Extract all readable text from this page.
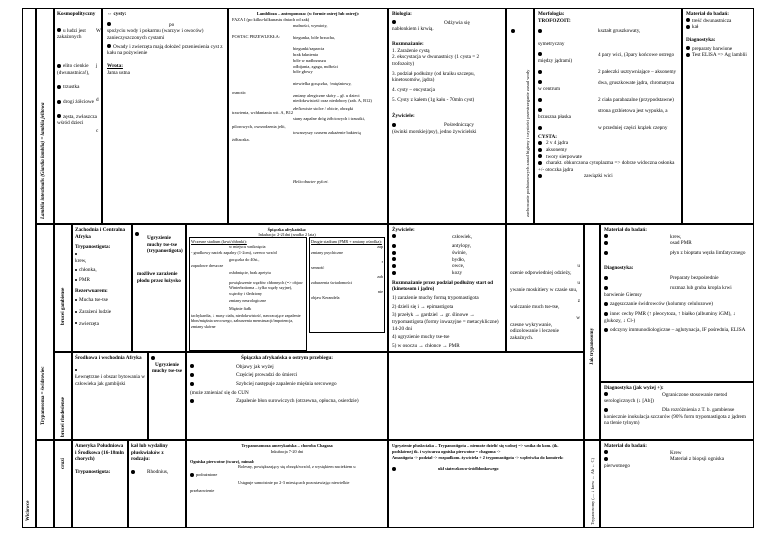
Wiciowce
Lamblia intestinalis (Giardia lamblia) = lamblia jelitowa

Kosmopolityczny

u ludzi jest zakażonych

elito cienkie (dwunastnica!),

trzustka

drogi żółciowe

zęsta, zwłaszcza wśród dzieci

W

j

d

c

⇔ cysty:

po

spożyciu wody i pokarmu (warzyw i owoców) zanieczyszczonych cystami

Owady i zwierzęta mają dołożeć przeniesienia cyst z kału na pożywienie

Wrota:

Jama ustna

Lamblioza – antroponoza: (w formie ostrej lub ostrej):

FAZA I (po kilku-kilkunastu dniach od zak)

nudności, wymioty,

biegunka, bóle brzucha,

biegunki/zaparcia

brak łaknienia

bóle w nadbrzuszu

odbijania, zgaga, mdłości

bóle głowy

niewielka gorączka, ↑mięśniowy,

zmiany alergiczne skóry – gł. u dzieci niedokrwistość oraz niedobory (zab. A, B12)

złe/krwiste stolce / obicie, obrzęki

stany zapalne dróg żółciowych i trzustki,

towarzyszy czasem zakażenie bakterią

POSTAC PRZEWLEKŁA:

osmotic

trawienia, wchłaniania wit. A, B12

pilorowych, owrzodzenia jelit,

żółtaczka.

Helicobacter pylori.

Biologia:

Odżywia się

nabłonkiem i krwią.

Rozmnażanie:

1. Zarażenie cystą

2. ekscystacja w dwunastnicy (1 cysta = 2 trofozoity)

3. podział podłużny (od kraiku szczepu, kinetosomów, jądra)

4. cysty – encystacja

5. Cysty z kałem (1g kału - 70mln cyst)

Żywiciele:

Pośredniczący

(świnki morskiej/psy), jedno żywicielski	zachowanie podstawowych zasad higieny i czystości przestrzeganie zasad wody

Morfologia:

TROFOZOIT:

kształt gruszkowaty,

symetryczny

4 pary wici, (3pary końcowe ostrego między jądrami)

2 pałeczki usztywniające – aksonemy

dwa, gruszkowate jądra, chromatyna w centrum

2 ciała parabazalne (przypodstawne)

strona grzbietowa jest wypukła, a brzuszna płaska

w przedniej części krążek czepny

CYSTA:

2 v 4 jądra

aksonemy

twory sierpowate

charakt. obkurczona cytoplazma => dobrze widoczna osłonka +/- otoczka jądra

zawiązki wici

Materiał do badań:

treść dwunastnicza

kał

Diagnostyka:

preparaty barwione

Test ELISA => Ag lamblii

Trypanosoma = świdrowiec
brucei gambiense

Zachodnia i Centralna Afryka

Trypanostigota:

krew,

chłonka,

PMR

Rezerwuarem:

Mucha tse-tse

Zarażeni ludzie

zwierzęta

Ugryzienie muchy tse-tse (trypanostigota)

możliwe zarażenie płodu przez łożysko

Śpiączka afrykańska:

Inkubacja: 2-21dni (rzadko 2 lata)

Wczesne stadium (krwi/chłonki):

w miejscu wniknięcia

- grudkowy naciek zapalny (1-2cm), czerwo wrzód

gorączka do 40st.,

zapadowe dreszcze

osłabnięcie, brak apetytu

powiększenie węzłów chłonnych (=> objaw Winterbottoma – tylko węzły szyjne), wątroby i śledziony

zmiany neurologiczne

Mięśnie fiałk

tachykardia, ↓ masy ciała, niedokrwistość, nawracające zapalenie błon/mięśnia sercowego, zaburzenia menstruacji/impotencja, zmiany skórne

Drugie stadium (PMR + zmiany ośrodka):

zap

zmiany psychiczne

r

senność

zab

zaburzenia świadomości

nie

objaw Kerandela

Żywiciele:

człowiek,

antylopy,

świnie,

bydło,

owce,

kozy

Rozmnażanie przez podział podłużny start od (kinetosom i jądro)

1) zarażenie muchy formą trypomastigota

2) dzieli się i → epimastigota

3) przełyk → gardziel → gr. ślinowe → trypomastigota (formy inwazyjne = metacykliczne) 14-20 dni

4) ugryzienie muchy tse-tse

5) w osoczu → chłonce → PMR

u

ozenie odpowiedniej odzieży,

u

ywanie moskitiery w czasie snu,

z

walczanie much tse-tse,

w

czesne wykrywanie, odizolowanie i leczenie zakaźnych.	Jak trypanosomy

Materiał do badań:

krew,

osad PMR

płyn z bioptatu węzła limfatycznego

Diagnostyka:

Preparaty bezpośrednie

rozmaz lub gruba kropla krwi barwienie Giemsy

zagęszczanie świdrowców (kolumny celulozowe)

inne: cechy PMR (↑ pleocytoza, ↑ białko (albuminy iGM), ↓ glukozy, ↓ Cl-)

odczyny immunodiologiczne – aglutynacja, IF pośrednia, ELISA

brucei rhodesiense

Środkowa i wschodnia Afryka

Łewnętrzne i obszar bytowania w człowieka jak gambijski

Ugryzienie muchy tse-tse

Śpiączka afrykańska o ostrym przebiegu:

Objawy jak wyżej

Częściej prowadzi do śmierci

Szybciej następuje zapalenie mięśnia sercowego

(może zmieniać się do CUN

Zapalenie błon surowiczych (otrzewna, opłucna, osierdzie)

Diagnostyka (jak wyżej +):

Ograniczone stosowanie metod serologicznych (↓ [Ab])

Dla rozróżnienia z T. b. gambiense koniecznie inokulacja szczurów (90% form trypomastigota z jądrem na tlenie tylnym)

cruzi

Ameryka Południowa i Środkowa (16-18mln chorych)

Trypanostigota:

kał lub wydaliny pluskwiaków z rodzaju:

Rhodnius,

Trypanosomoza amerykańska – choroba Chagasa

Inkubacja 7-20 dni

Ogniska pierwotne (twarz), mimal:

Bolesny, powiększający się obrzęk/wrzód, z wysiękiem naciekiem u

podrażnione

Ustępuje samoistnie po 2-3 miesiącach pozostawiając niewielkie

przebarwienie

Ugryzienie pluskwiaka – Trypanostigota – niemoże dzielić się wolnej => wnika do kom. (ik. podskórnej tk. i wytwarza ogniska pierwotne = chagoma ->

Amastigota -> podział -> rozpadkom. żywiciela + 2 trypomastigota -> wędrówka do komórek:

ukł siateczkowo-śródbłonkowego	Trypanosomy (— ↓ krew ← Ab ← C)

Materiał do badań:

Krew

Materiał z biopsji ogniska pierwotnego
